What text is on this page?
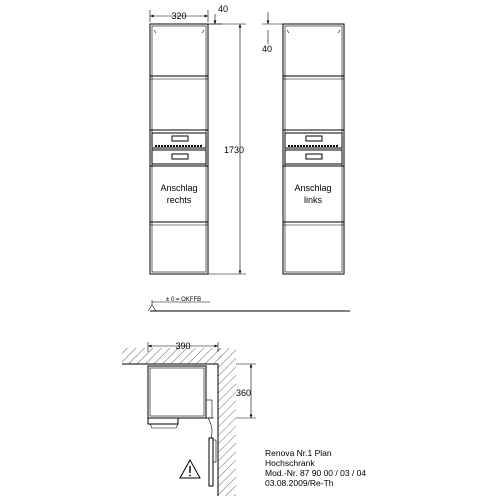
Anschlag
rechts
320
40
1730
Anschlag
links
40
± 0 = OKFFB
390
360
Renova Nr.1 Plan
Hochschrank
Mod.-Nr. 87 90 00 / 03 / 04
03.08.2009/Re-Th
